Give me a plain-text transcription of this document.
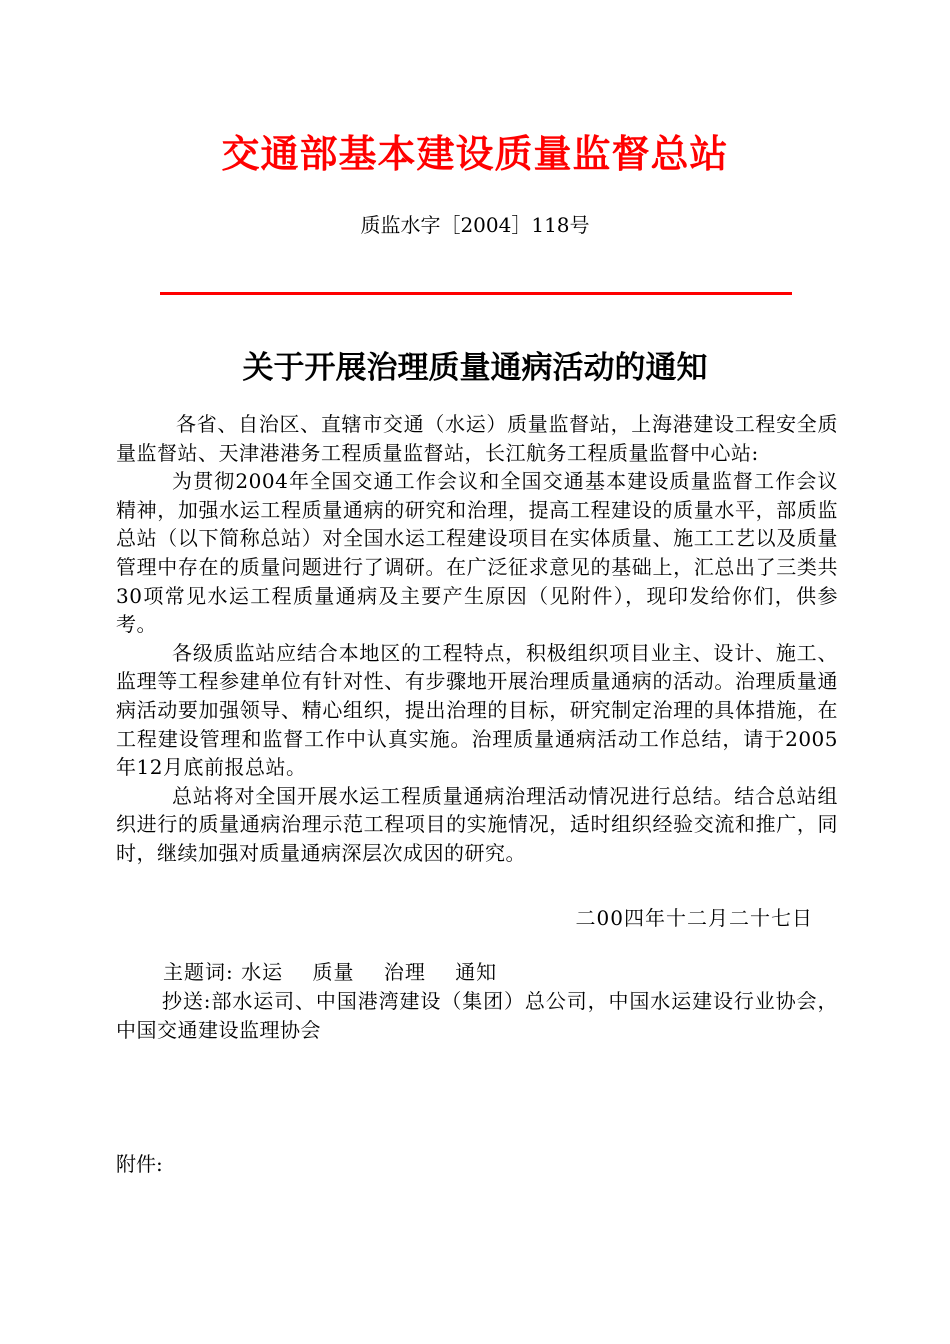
交通部基本建设质量监督总站
质监水字［2004］118号
关于开展治理质量通病活动的通知

各省、自治区、直辖市交通（水运）质量监督站，上海港建设工程安全质量监督站、天津港港务工程质量监督站，长江航务工程质量监督中心站:

为贯彻2004年全国交通工作会议和全国交通基本建设质量监督工作会议精神，加强水运工程质量通病的研究和治理，提高工程建设的质量水平，部质监总站（以下简称总站）对全国水运工程建设项目在实体质量、施工工艺以及质量管理中存在的质量问题进行了调研。在广泛征求意见的基础上，汇总出了三类共30项常见水运工程质量通病及主要产生原因（见附件），现印发给你们，供参考。

各级质监站应结合本地区的工程特点，积极组织项目业主、设计、施工、监理等工程参建单位有针对性、有步骤地开展治理质量通病的活动。治理质量通病活动要加强领导、精心组织，提出治理的目标，研究制定治理的具体措施，在工程建设管理和监督工作中认真实施。治理质量通病活动工作总结，请于2005年12月底前报总站。

总站将对全国开展水运工程质量通病治理活动情况进行总结。结合总站组织进行的质量通病治理示范工程项目的实施情况，适时组织经验交流和推广，同时，继续加强对质量通病深层次成因的研究。

二00四年十二月二十七日
主题词: 水运 质量 治理 通知
抄送:部水运司、中国港湾建设（集团）总公司，中国水运建设行业协会，中国交通建设监理协会
附件:
